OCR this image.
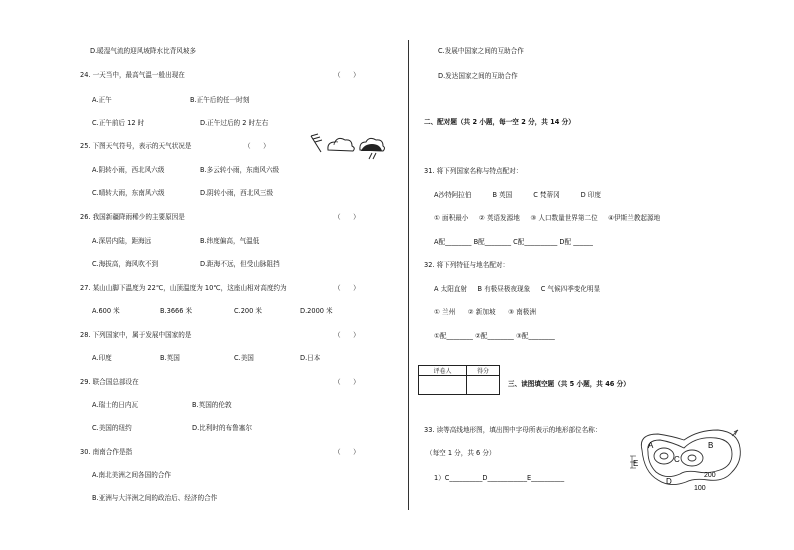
D.暖湿气流的迎风坡降水比背风坡多
24. 一天当中，最高气温一般出现在	（      ）
A.正午	B.正午后的任一时刻
C.正午前后 12 时	D.正午过后的 2 时左右
25. 下图天气符号，表示的天气状况是	（      ）
A.阴转小雨，西北风六级	B.多云转小雨，东南风六级
C.晴转大雨，东南风六级	D.阴转小雨，西北风三级
26. 我国新疆降雨稀少的主要原因是	（      ）
A.深居内陆，距海远	B.纬度偏高，气温低
C.海拔高，海风吹不到	D.距海不远，但受山脉阻挡
27. 某山山脚下温度为 22℃，山顶温度为 10℃，这座山相对高度约为	（      ）
A.600 米	B.3666 米	C.200 米	D.2000 米
28. 下列国家中，属于发展中国家的是	（      ）
A.印度	B.英国	C.美国	D.日本
29. 联合国总部设在	（      ）
A.瑞士的日内瓦	B.英国的伦敦
C.美国的纽约	D.比利时的布鲁塞尔
30. 南南合作是指	（      ）
A.南北美洲之间各国的合作
B.亚洲与大洋洲之间的政治后、经济的合作
C.发展中国家之间的互助合作
D.发达国家之间的互助合作
二、配对题（共 2 小题，每一空 2 分，共 14 分）
31. 将下列国家名称与特点配对：
A沙特阿拉伯          B 英国          C 梵蒂冈          D 印度
① 面积最小     ② 英语发源地     ③ 人口数量世界第二位     ④伊斯兰教起源地
A配________ B配________ C配__________ D配 ______
32. 将下列特征与地名配对：
A 太阳直射     B 有极昼极夜现象     C 气候四季变化明显
① 兰州      ② 新加坡      ③ 南极洲
①配________ ②配________ ③配________
评卷人	得分

三、读图填空题（共 5 小题，共 46 分）
33. 读等高线地形图，填出图中字母所表示的地形部位名称：
（每空 1 分，共 6 分）
1）C__________D____________E__________
A	B
C
D
E
200
100
